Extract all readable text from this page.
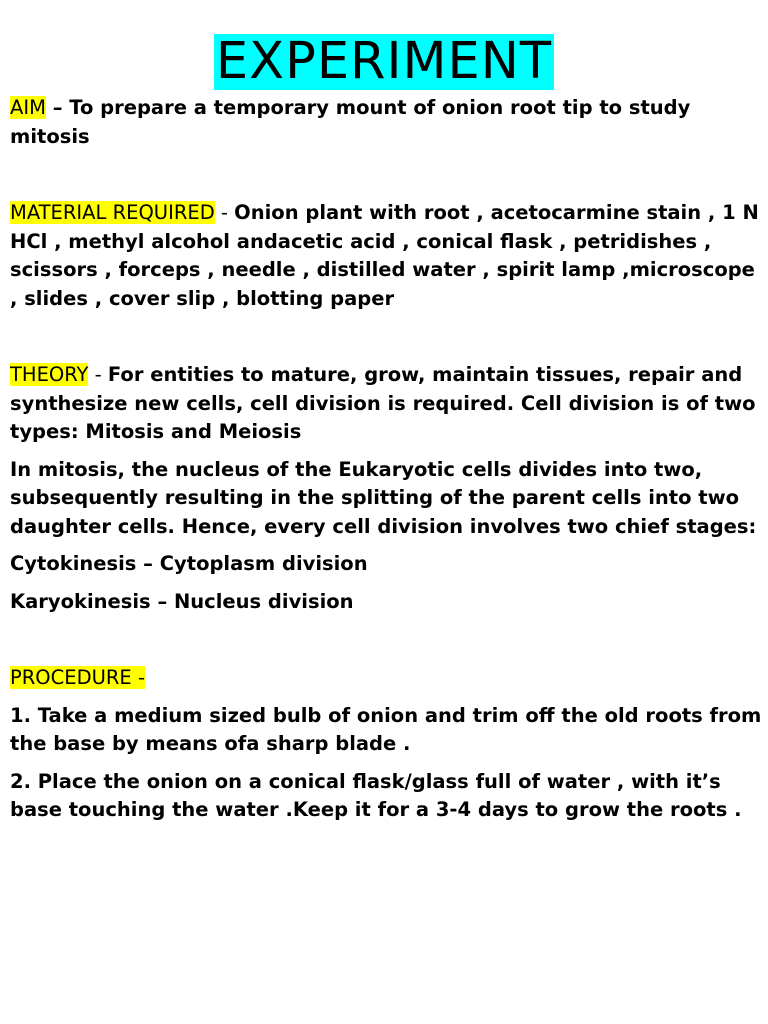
EXPERIMENT

AIM – To prepare a temporary mount of onion root tip to study mitosis

MATERIAL REQUIRED - Onion plant with root , acetocarmine stain , 1 N HCl , methyl alcohol andacetic acid , conical flask , petridishes , scissors , forceps , needle , distilled water , spirit lamp ,microscope , slides , cover slip , blotting paper

THEORY - For entities to mature, grow, maintain tissues, repair and synthesize new cells, cell division is required. Cell division is of two types: Mitosis and Meiosis

In mitosis, the nucleus of the Eukaryotic cells divides into two, subsequently resulting in the splitting of the parent cells into two daughter cells. Hence, every cell division involves two chief stages:

Cytokinesis – Cytoplasm division

Karyokinesis – Nucleus division

PROCEDURE -

1. Take a medium sized bulb of onion and trim off the old roots from the base by means ofa sharp blade .

2. Place the onion on a conical flask/glass full of water , with it’s base touching the water .Keep it for a 3-4 days to grow the roots .
